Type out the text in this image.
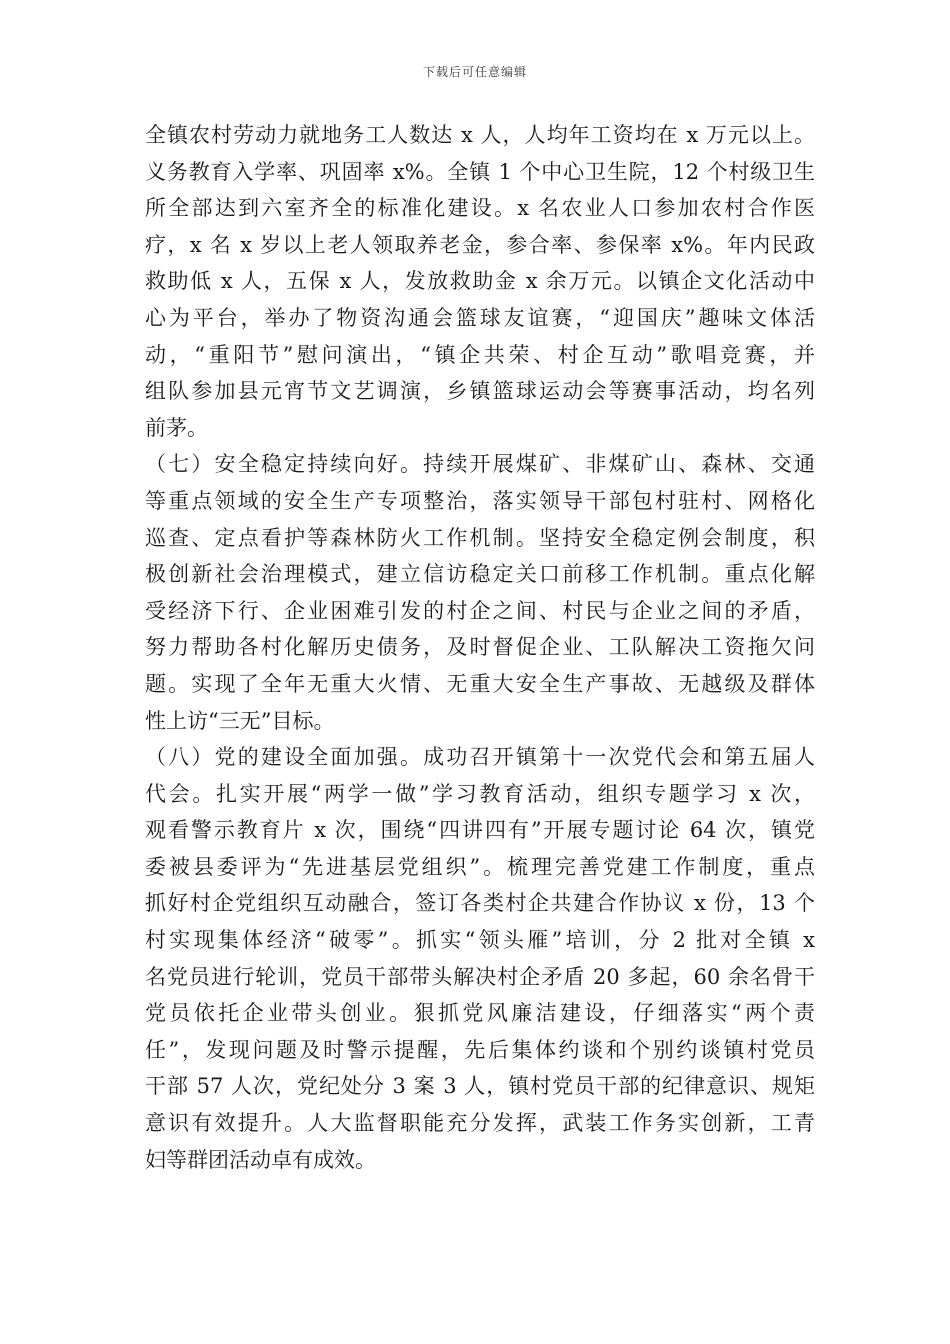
下载后可任意编辑
全镇农村劳动力就地务工人数达 x 人，人均年工资均在 x 万元以上。
义务教育入学率、巩固率 x%。全镇 1 个中心卫生院，12 个村级卫生
所全部达到六室齐全的标准化建设。x 名农业人口参加农村合作医
疗，x 名 x 岁以上老人领取养老金，参合率、参保率 x%。年内民政
救助低 x 人，五保 x 人，发放救助金 x 余万元。以镇企文化活动中
心为平台，举办了物资沟通会篮球友谊赛，“迎国庆”趣味文体活
动，“重阳节”慰问演出，“镇企共荣、村企互动”歌唱竞赛，并
组队参加县元宵节文艺调演，乡镇篮球运动会等赛事活动，均名列
前茅。
（七）安全稳定持续向好。持续开展煤矿、非煤矿山、森林、交通
等重点领域的安全生产专项整治，落实领导干部包村驻村、网格化
巡查、定点看护等森林防火工作机制。坚持安全稳定例会制度，积
极创新社会治理模式，建立信访稳定关口前移工作机制。重点化解
受经济下行、企业困难引发的村企之间、村民与企业之间的矛盾，
努力帮助各村化解历史债务，及时督促企业、工队解决工资拖欠问
题。实现了全年无重大火情、无重大安全生产事故、无越级及群体
性上访“三无”目标。
（八）党的建设全面加强。成功召开镇第十一次党代会和第五届人
代会。扎实开展“两学一做”学习教育活动，组织专题学习 x 次，
观看警示教育片 x 次，围绕“四讲四有”开展专题讨论 64 次，镇党
委被县委评为“先进基层党组织”。梳理完善党建工作制度，重点
抓好村企党组织互动融合，签订各类村企共建合作协议 x 份，13 个
村实现集体经济“破零”。抓实“领头雁”培训，分 2 批对全镇 x
名党员进行轮训，党员干部带头解决村企矛盾 20 多起，60 余名骨干
党员依托企业带头创业。狠抓党风廉洁建设，仔细落实“两个责
任”，发现问题及时警示提醒，先后集体约谈和个别约谈镇村党员
干部 57 人次，党纪处分 3 案 3 人，镇村党员干部的纪律意识、规矩
意识有效提升。人大监督职能充分发挥，武装工作务实创新，工青
妇等群团活动卓有成效。
